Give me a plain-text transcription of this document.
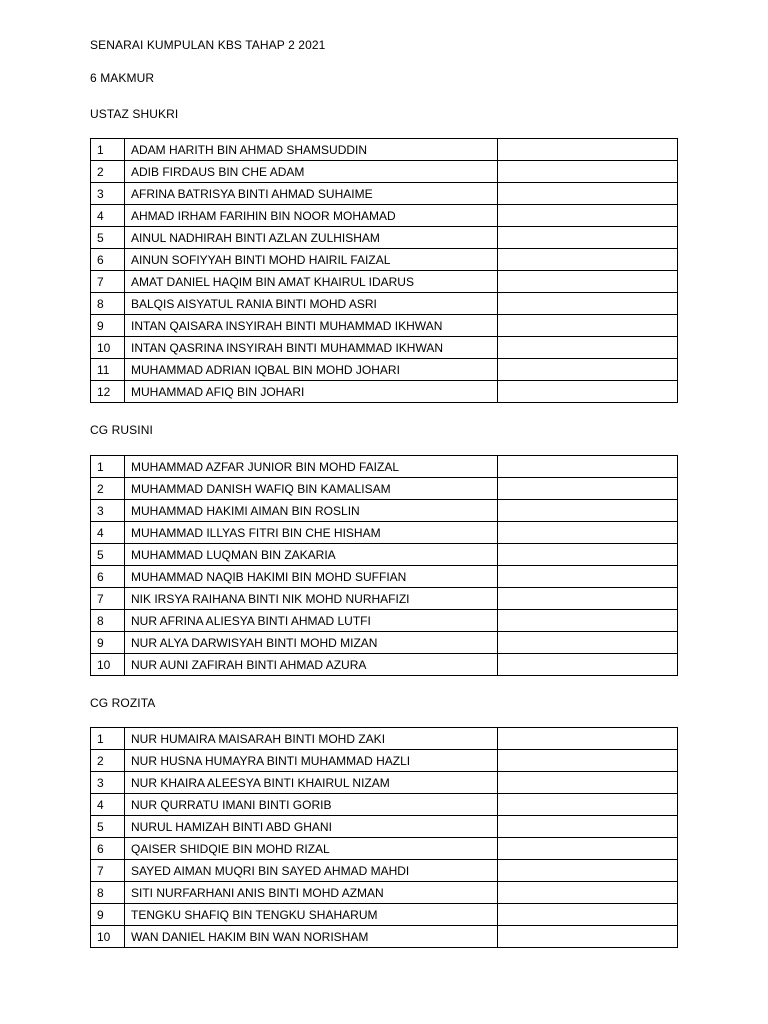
SENARAI KUMPULAN KBS TAHAP 2 2021

6 MAKMUR

USTAZ SHUKRI

1	ADAM HARITH BIN AHMAD SHAMSUDDIN	
2	ADIB FIRDAUS BIN CHE ADAM	
3	AFRINA BATRISYA BINTI AHMAD SUHAIME	
4	AHMAD IRHAM FARIHIN BIN NOOR MOHAMAD	
5	AINUL NADHIRAH BINTI AZLAN ZULHISHAM	
6	AINUN SOFIYYAH BINTI MOHD HAIRIL FAIZAL	
7	AMAT DANIEL HAQIM BIN AMAT KHAIRUL IDARUS	
8	BALQIS AISYATUL RANIA BINTI MOHD ASRI	
9	INTAN QAISARA INSYIRAH BINTI MUHAMMAD IKHWAN	
10	INTAN QASRINA INSYIRAH BINTI MUHAMMAD IKHWAN	
11	MUHAMMAD ADRIAN IQBAL BIN MOHD JOHARI	
12	MUHAMMAD AFIQ BIN JOHARI	

CG RUSINI

1	MUHAMMAD AZFAR JUNIOR BIN MOHD FAIZAL	
2	MUHAMMAD DANISH WAFIQ BIN KAMALISAM	
3	MUHAMMAD HAKIMI AIMAN BIN ROSLIN	
4	MUHAMMAD ILLYAS FITRI BIN CHE HISHAM	
5	MUHAMMAD LUQMAN BIN ZAKARIA	
6	MUHAMMAD NAQIB HAKIMI BIN MOHD SUFFIAN	
7	NIK IRSYA RAIHANA BINTI NIK MOHD NURHAFIZI	
8	NUR AFRINA ALIESYA BINTI AHMAD LUTFI	
9	NUR ALYA DARWISYAH BINTI MOHD MIZAN	
10	NUR AUNI ZAFIRAH BINTI AHMAD AZURA	

CG ROZITA

1	NUR HUMAIRA MAISARAH BINTI MOHD ZAKI	
2	NUR HUSNA HUMAYRA BINTI MUHAMMAD HAZLI	
3	NUR KHAIRA ALEESYA BINTI KHAIRUL NIZAM	
4	NUR QURRATU IMANI BINTI GORIB	
5	NURUL HAMIZAH BINTI ABD GHANI	
6	QAISER SHIDQIE BIN MOHD RIZAL	
7	SAYED AIMAN MUQRI BIN SAYED AHMAD MAHDI	
8	SITI NURFARHANI ANIS BINTI MOHD AZMAN	
9	TENGKU SHAFIQ BIN TENGKU SHAHARUM	
10	WAN DANIEL HAKIM BIN WAN NORISHAM	
